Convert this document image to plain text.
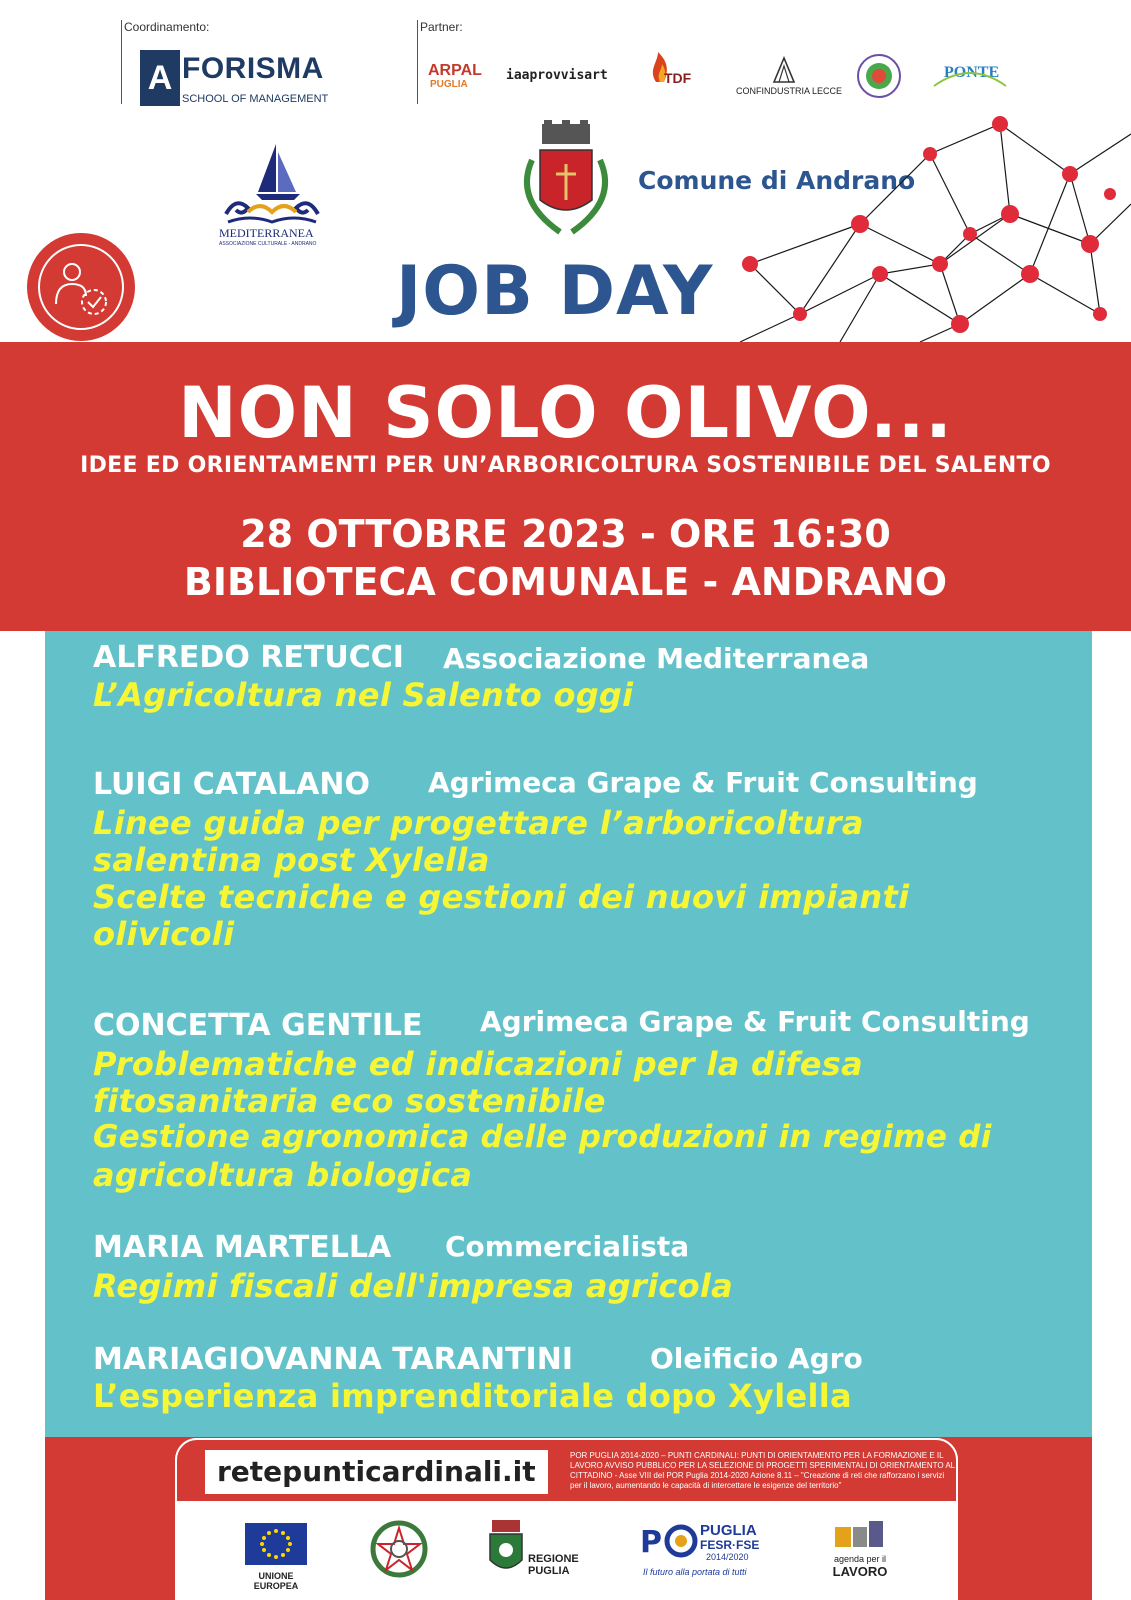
Coordinamento:
A FORISMA
SCHOOL OF MANAGEMENT
Partner:
ARPAL
PUGLIA
iaaprovvisart	TDF
CONFINDUSTRIA LECCE
PONTE
MEDITERRANEA
ASSOCIAZIONE CULTURALE - ANDRANO
Comune di Andrano
JOB DAY
NON SOLO OLIVO...
IDEE ED ORIENTAMENTI PER UN’ARBORICOLTURA SOSTENIBILE DEL SALENTO
28 OTTOBRE 2023 - ORE 16:30
BIBLIOTECA COMUNALE - ANDRANO
ALFREDO RETUCCI Associazione Mediterranea
L’Agricoltura nel Salento oggi
LUIGI CATALANO Agrimeca Grape & Fruit Consulting
Linee guida per progettare l’arboricoltura
salentina post Xylella
Scelte tecniche e gestioni dei nuovi impianti
olivicoli
CONCETTA GENTILE Agrimeca Grape & Fruit Consulting
Problematiche ed indicazioni per la difesa
fitosanitaria eco sostenibile
Gestione agronomica delle produzioni in regime di
agricoltura biologica
MARIA MARTELLA Commercialista
Regimi fiscali dell'impresa agricola
MARIAGIOVANNA TARANTINI	Oleificio Agro
L’esperienza imprenditoriale dopo Xylella
retepunticardinali.it	POR PUGLIA 2014-2020 – PUNTI CARDINALI: PUNTI DI ORIENTAMENTO PER LA FORMAZIONE E IL LAVORO AVVISO PUBBLICO PER LA SELEZIONE DI PROGETTI SPERIMENTALI DI ORIENTAMENTO AL CITTADINO - Asse VIII del POR Puglia 2014-2020 Azione 8.11 – "Creazione di reti che rafforzano i servizi per il lavoro, aumentando le capacità di intercettare le esigenze del territorio"
UNIONE EUROPEA
REGIONE
PUGLIA
P	PUGLIA
FESR·FSE
2014/2020
Il futuro alla portata di tutti
agenda per il
LAVORO
